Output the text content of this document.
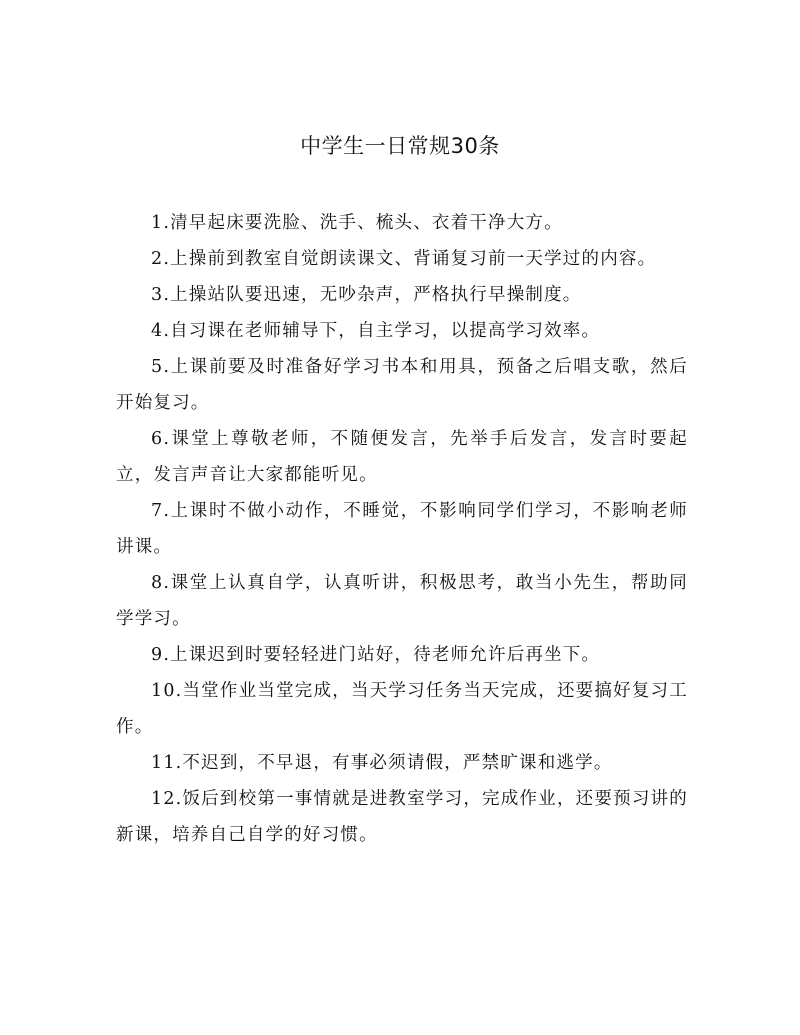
中学生一日常规30条
1.清早起床要洗脸、洗手、梳头、衣着干净大方。
2.上操前到教室自觉朗读课文、背诵复习前一天学过的内容。
3.上操站队要迅速，无吵杂声，严格执行早操制度。
4.自习课在老师辅导下，自主学习，以提高学习效率。
5.上课前要及时准备好学习书本和用具，预备之后唱支歌，然后开始复习。
6.课堂上尊敬老师，不随便发言，先举手后发言，发言时要起立，发言声音让大家都能听见。
7.上课时不做小动作，不睡觉，不影响同学们学习，不影响老师讲课。
8.课堂上认真自学，认真听讲，积极思考，敢当小先生，帮助同学学习。
9.上课迟到时要轻轻进门站好，待老师允许后再坐下。
10.当堂作业当堂完成，当天学习任务当天完成，还要搞好复习工作。
11.不迟到，不早退，有事必须请假，严禁旷课和逃学。
12.饭后到校第一事情就是进教室学习，完成作业，还要预习讲的新课，培养自己自学的好习惯。
